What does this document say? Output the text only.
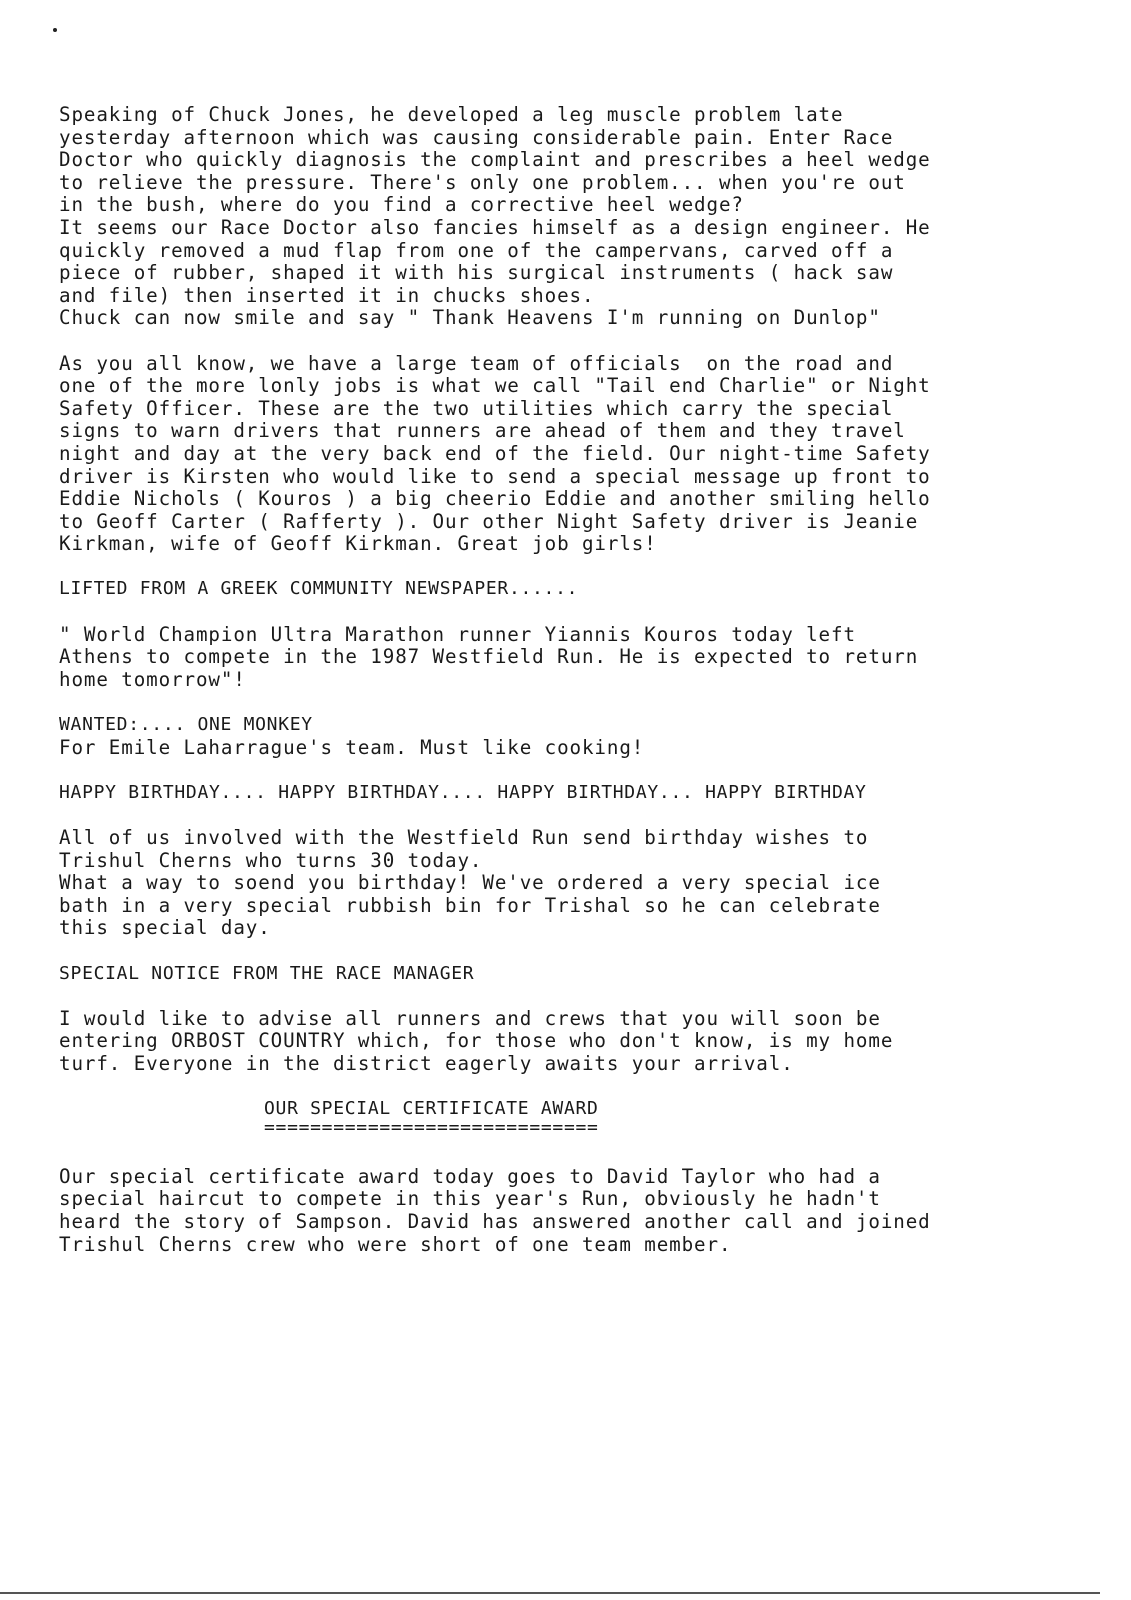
Speaking of Chuck Jones, he developed a leg muscle problem late
yesterday afternoon which was causing considerable pain. Enter Race
Doctor who quickly diagnosis the complaint and prescribes a heel wedge
to relieve the pressure. There's only one problem... when you're out
in the bush, where do you find a corrective heel wedge?
It seems our Race Doctor also fancies himself as a design engineer. He
quickly removed a mud flap from one of the campervans, carved off a
piece of rubber, shaped it with his surgical instruments ( hack saw
and file) then inserted it in chucks shoes.
Chuck can now smile and say " Thank Heavens I'm running on Dunlop"
As you all know, we have a large team of officials  on the road and
one of the more lonly jobs is what we call "Tail end Charlie" or Night
Safety Officer. These are the two utilities which carry the special
signs to warn drivers that runners are ahead of them and they travel
night and day at the very back end of the field. Our night-time Safety
driver is Kirsten who would like to send a special message up front to
Eddie Nichols ( Kouros ) a big cheerio Eddie and another smiling hello
to Geoff Carter ( Rafferty ). Our other Night Safety driver is Jeanie
Kirkman, wife of Geoff Kirkman. Great job girls!
LIFTED FROM A GREEK COMMUNITY NEWSPAPER......
" World Champion Ultra Marathon runner Yiannis Kouros today left
Athens to compete in the 1987 Westfield Run. He is expected to return
home tomorrow"!
WANTED:.... ONE MONKEY
For Emile Laharrague's team. Must like cooking!
HAPPY BIRTHDAY.... HAPPY BIRTHDAY.... HAPPY BIRTHDAY... HAPPY BIRTHDAY
All of us involved with the Westfield Run send birthday wishes to
Trishul Cherns who turns 30 today.
What a way to soend you birthday! We've ordered a very special ice
bath in a very special rubbish bin for Trishal so he can celebrate
this special day.
SPECIAL NOTICE FROM THE RACE MANAGER
I would like to advise all runners and crews that you will soon be
entering ORBOST COUNTRY which, for those who don't know, is my home
turf. Everyone in the district eagerly awaits your arrival.
OUR SPECIAL CERTIFICATE AWARD
=============================
Our special certificate award today goes to David Taylor who had a
special haircut to compete in this year's Run, obviously he hadn't
heard the story of Sampson. David has answered another call and joined
Trishul Cherns crew who were short of one team member.
